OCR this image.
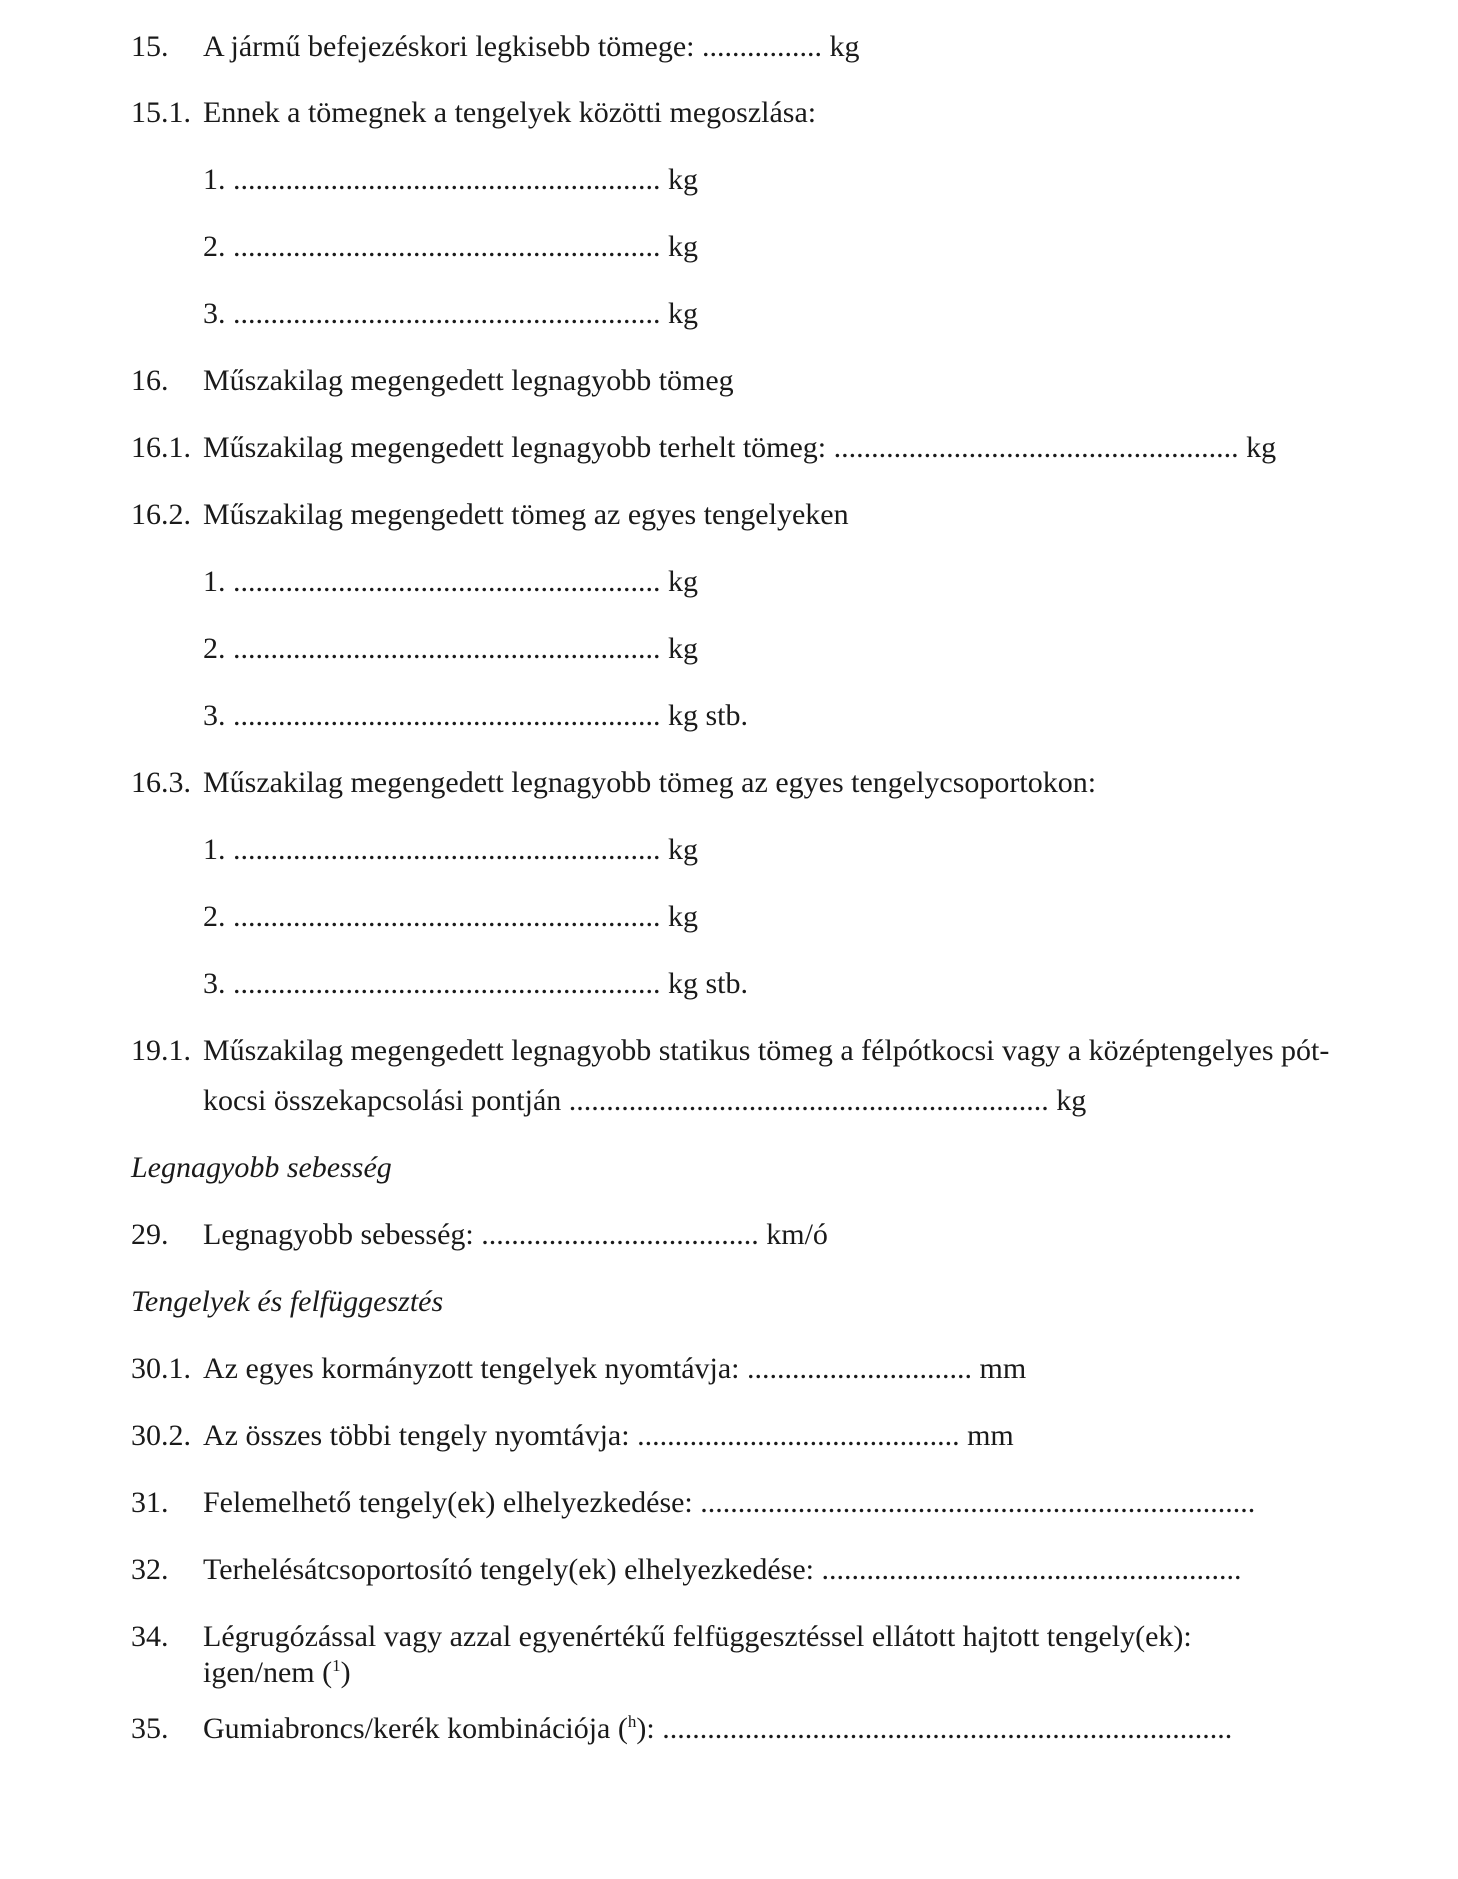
15. A jármű befejezéskori legkisebb tömege: ................ kg
15.1. Ennek a tömegnek a tengelyek közötti megoszlása:
1. ......................................................... kg
2. ......................................................... kg
3. ......................................................... kg
16. Műszakilag megengedett legnagyobb tömeg
16.1. Műszakilag megengedett legnagyobb terhelt tömeg: ...................................................... kg
16.2. Műszakilag megengedett tömeg az egyes tengelyeken
1. ......................................................... kg
2. ......................................................... kg
3. ......................................................... kg stb.
16.3. Műszakilag megengedett legnagyobb tömeg az egyes tengelycsoportokon:
1. ......................................................... kg
2. ......................................................... kg
3. ......................................................... kg stb.
19.1. Műszakilag megengedett legnagyobb statikus tömeg a félpótkocsi vagy a középtengelyes pót-
kocsi összekapcsolási pontján ................................................................ kg
Legnagyobb sebesség
29. Legnagyobb sebesség: ..................................... km/ó
Tengelyek és felfüggesztés
30.1. Az egyes kormányzott tengelyek nyomtávja: .............................. mm
30.2. Az összes többi tengely nyomtávja: ........................................... mm
31. Felemelhető tengely(ek) elhelyezkedése: ..........................................................................
32. Terhelésátcsoportosító tengely(ek) elhelyezkedése: ........................................................
34. Légrugózással vagy azzal egyenértékű felfüggesztéssel ellátott hajtott tengely(ek):
igen/nem ($^1$)
35. Gumiabroncs/kerék kombinációja ($^h$): ............................................................................
